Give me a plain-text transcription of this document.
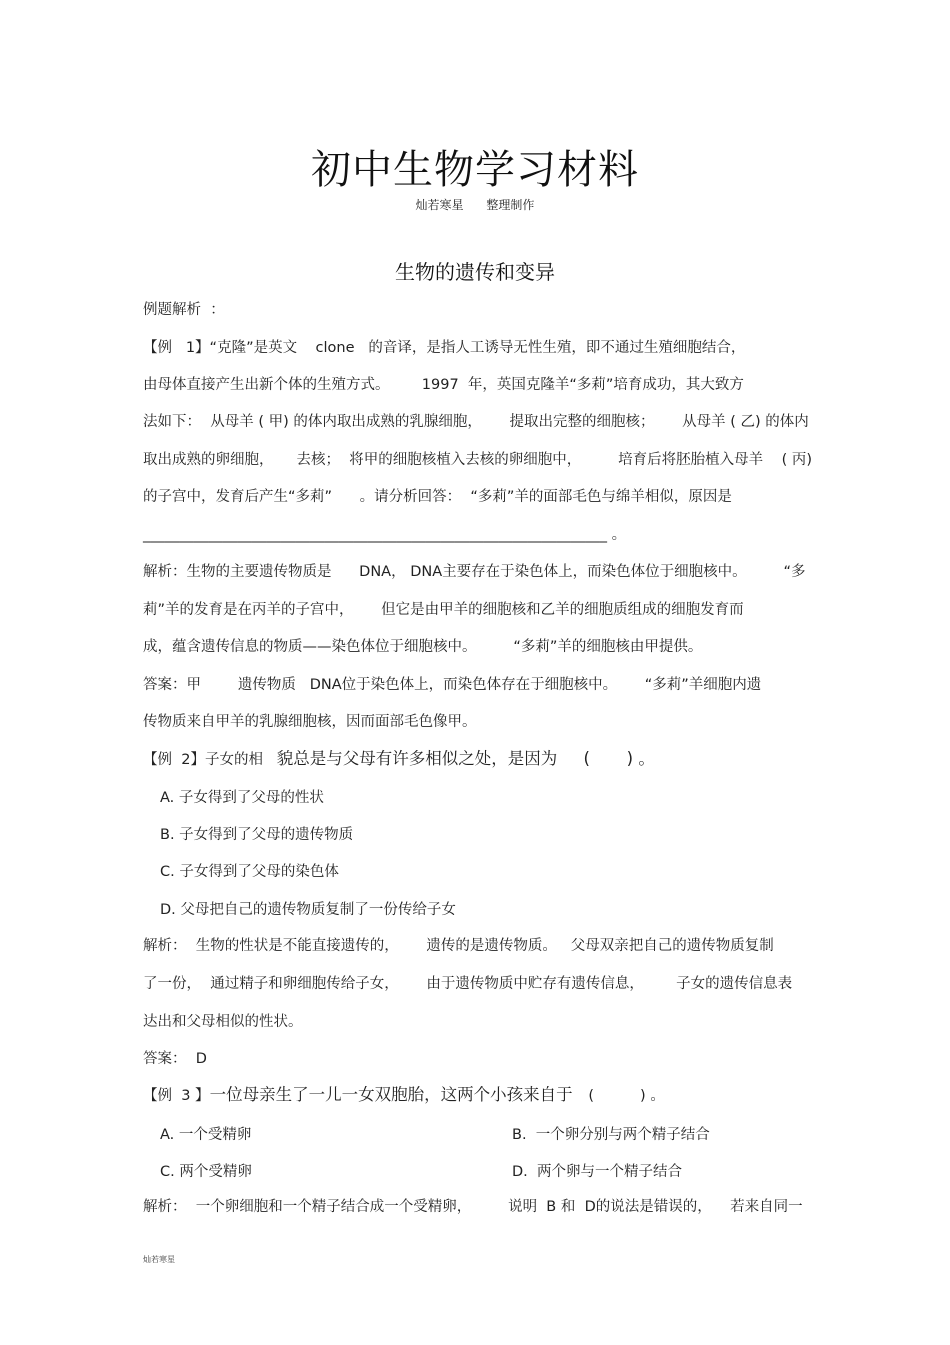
初中生物学习材料
灿若寒星      整理制作
生物的遗传和变异
例题解析  ：
【例   1】“克隆”是英文    clone   的音译，是指人工诱导无性生殖，即不通过生殖细胞结合，
由母体直接产生出新个体的生殖方式。       1997  年，英国克隆羊“多莉”培育成功，其大致方
法如下：  从母羊 ( 甲) 的体内取出成熟的乳腺细胞，      提取出完整的细胞核；      从母羊 ( 乙) 的体内
取出成熟的卵细胞，     去核；  将甲的细胞核植入去核的卵细胞中，        培育后将胚胎植入母羊    ( 丙)
的子宫中，发育后产生“多莉”      。请分析回答：  “多莉”羊的面部毛色与绵羊相似，原因是
________________________________________________________________ 。
解析：生物的主要遗传物质是      DNA， DNA主要存在于染色体上，而染色体位于细胞核中。        “多
莉”羊的发育是在丙羊的子宫中，      但它是由甲羊的细胞核和乙羊的细胞质组成的细胞发育而
成，蕴含遗传信息的物质——染色体位于细胞核中。        “多莉”羊的细胞核由甲提供。
答案：甲        遗传物质   DNA位于染色体上，而染色体存在于细胞核中。      “多莉”羊细胞内遗
传物质来自甲羊的乳腺细胞核，因而面部毛色像甲。
【例  2】子女的相   貌总是与父母有许多相似之处，是因为     (       ) 。
A. 子女得到了父母的性状
B. 子女得到了父母的遗传物质
C. 子女得到了父母的染色体
D. 父母把自己的遗传物质复制了一份传给子女
解析：  生物的性状是不能直接遗传的，      遗传的是遗传物质。   父母双亲把自己的遗传物质复制
了一份，  通过精子和卵细胞传给子女，      由于遗传物质中贮存有遗传信息，       子女的遗传信息表
达出和父母相似的性状。
答案：  D
【例  3 】一位母亲生了一儿一女双胞胎，这两个小孩来自于   (          ) 。
A. 一个受精卵	B.  一个卵分别与两个精子结合
C. 两个受精卵	D.  两个卵与一个精子结合
解析：  一个卵细胞和一个精子结合成一个受精卵，        说明  B 和  D的说法是错误的，    若来自同一
灿若寒星
